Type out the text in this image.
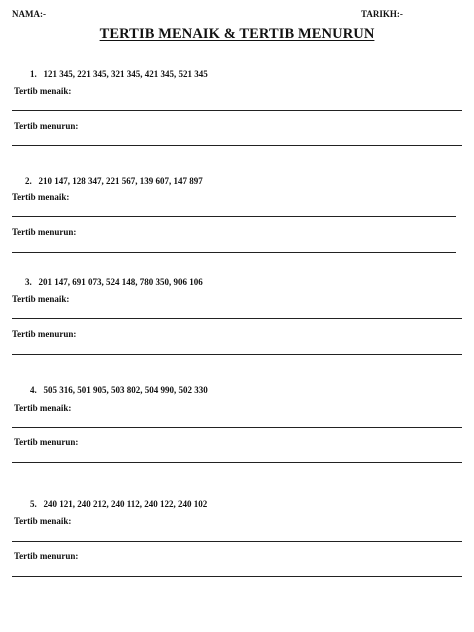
NAMA:-	TARIKH:-
TERTIB MENAIK & TERTIB MENURUN
1. 121 345, 221 345, 321 345, 421 345, 521 345
Tertib menaik:
Tertib menurun:
2. 210 147, 128 347, 221 567, 139 607, 147 897
Tertib menaik:
Tertib menurun:
3. 201 147, 691 073, 524 148, 780 350, 906 106
Tertib menaik:
Tertib menurun:
4. 505 316, 501 905, 503 802, 504 990, 502 330
Tertib menaik:
Tertib menurun:
5. 240 121, 240 212, 240 112, 240 122, 240 102
Tertib menaik:
Tertib menurun:
